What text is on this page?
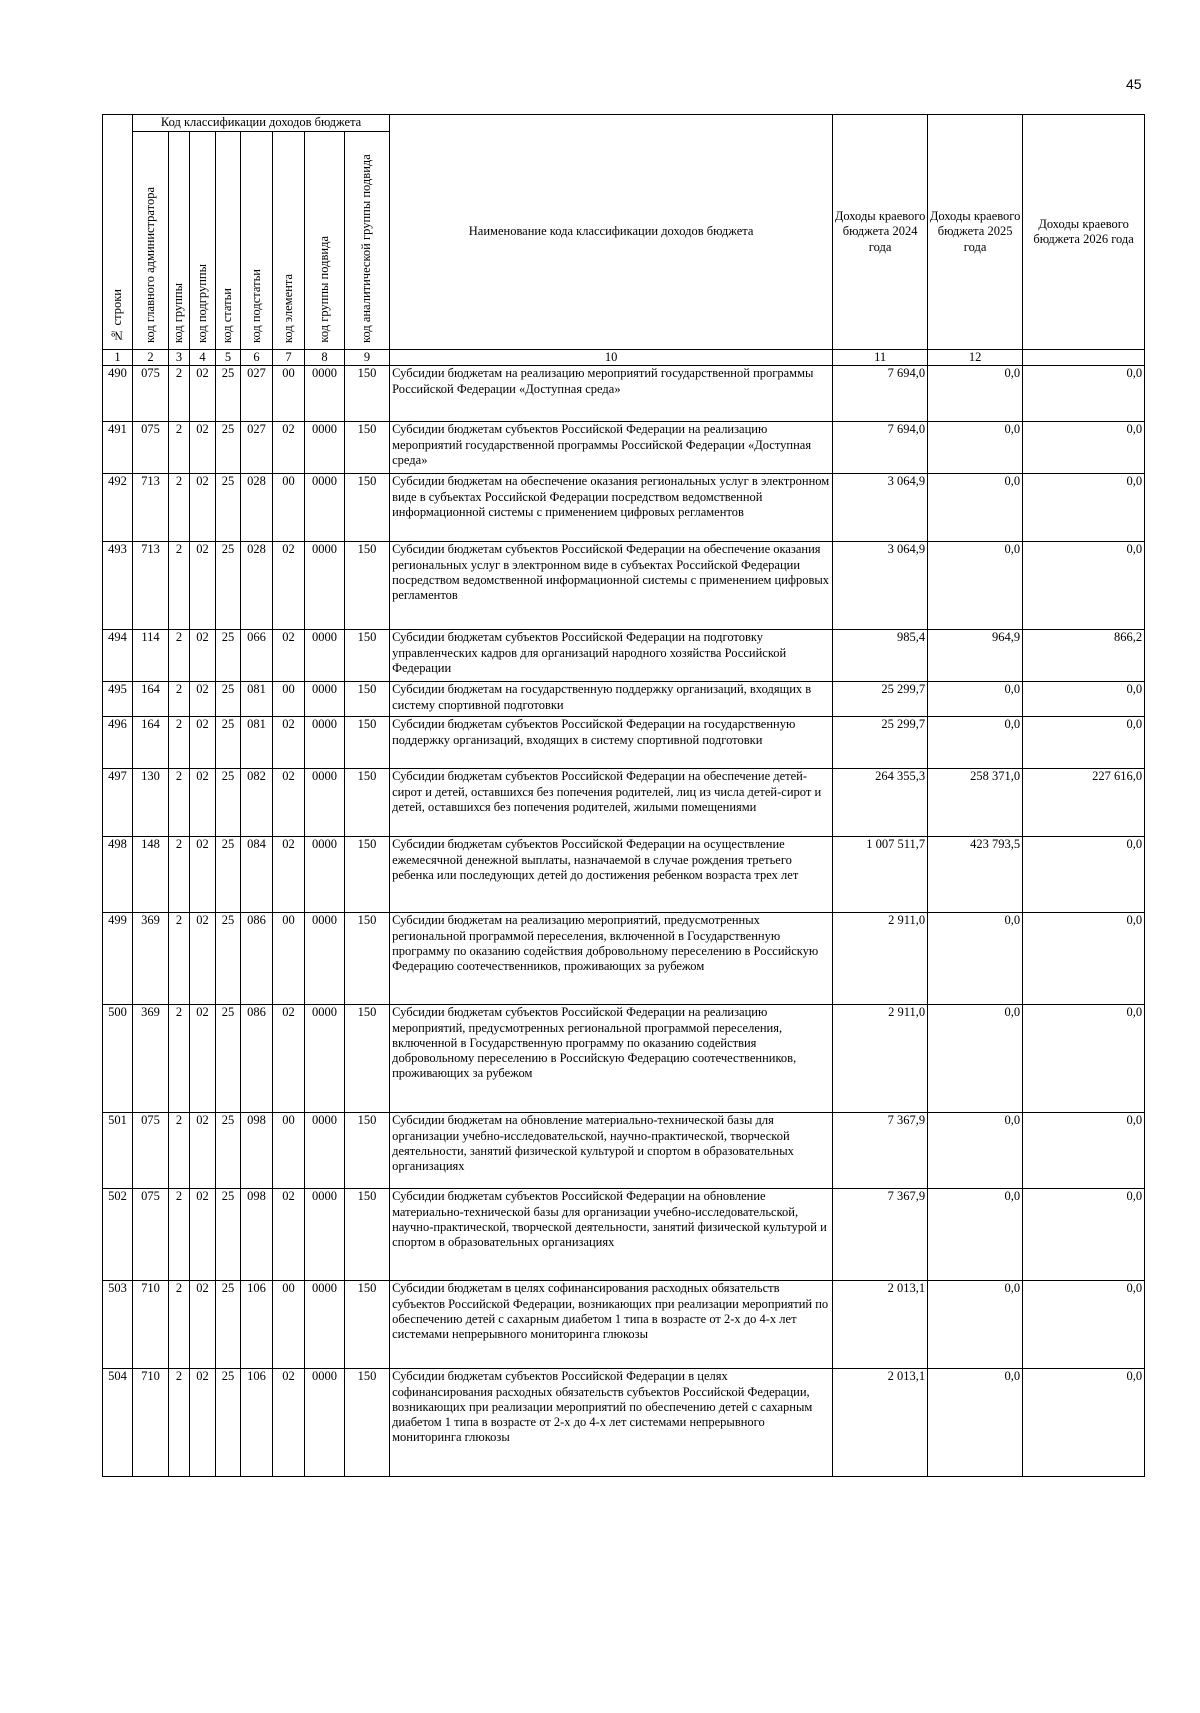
45
№ строки	Код классификации доходов бюджета								Наименование кода классификации доходов бюджета	Доходы краевого бюджета 2024 года	Доходы краевого бюджета 2025 года	Доходы краевого бюджета 2026 года

	код главного администратора	код группы	код подгруппы	код статьи	код подстатьи	код элемента	код группы подвида	код аналитической группы подвида				

1	2	3	4	5	6	7	8	9	10	11	12	
490	075	2	02	25	027	00	0000	150	Субсидии бюджетам на реализацию мероприятий государственной программы Российской Федерации «Доступная среда»	7 694,0	0,0	0,0
491	075	2	02	25	027	02	0000	150	Субсидии бюджетам субъектов Российской Федерации на реализацию мероприятий государственной программы Российской Федерации «Доступная среда»	7 694,0	0,0	0,0
492	713	2	02	25	028	00	0000	150	Субсидии бюджетам на обеспечение оказания региональных услуг в электронном виде в субъектах Российской Федерации посредством ведомственной информационной системы с применением цифровых регламентов	3 064,9	0,0	0,0
493	713	2	02	25	028	02	0000	150	Субсидии бюджетам субъектов Российской Федерации на обеспечение оказания региональных услуг в электронном виде в субъектах Российской Федерации посредством ведомственной информационной системы с применением цифровых регламентов	3 064,9	0,0	0,0
494	114	2	02	25	066	02	0000	150	Субсидии бюджетам субъектов Российской Федерации на подготовку управленческих кадров для организаций народного хозяйства Российской Федерации	985,4	964,9	866,2
495	164	2	02	25	081	00	0000	150	Субсидии бюджетам на государственную поддержку организаций, входящих в систему спортивной подготовки	25 299,7	0,0	0,0
496	164	2	02	25	081	02	0000	150	Субсидии бюджетам субъектов Российской Федерации на государственную поддержку организаций, входящих в систему спортивной подготовки	25 299,7	0,0	0,0
497	130	2	02	25	082	02	0000	150	Субсидии бюджетам субъектов Российской Федерации на обеспечение детей-сирот и детей, оставшихся без попечения родителей, лиц из числа детей-сирот и детей, оставшихся без попечения родителей, жилыми помещениями	264 355,3	258 371,0	227 616,0
498	148	2	02	25	084	02	0000	150	Субсидии бюджетам субъектов Российской Федерации на осуществление ежемесячной денежной выплаты, назначаемой в случае рождения третьего ребенка или последующих детей до достижения ребенком возраста трех лет	1 007 511,7	423 793,5	0,0
499	369	2	02	25	086	00	0000	150	Субсидии бюджетам на реализацию мероприятий, предусмотренных региональной программой переселения, включенной в Государственную программу по оказанию содействия добровольному переселению в Российскую Федерацию соотечественников, проживающих за рубежом	2 911,0	0,0	0,0
500	369	2	02	25	086	02	0000	150	Субсидии бюджетам субъектов Российской Федерации на реализацию мероприятий, предусмотренных региональной программой переселения, включенной в Государственную программу по оказанию содействия добровольному переселению в Российскую Федерацию соотечественников, проживающих за рубежом	2 911,0	0,0	0,0
501	075	2	02	25	098	00	0000	150	Субсидии бюджетам на обновление материально-технической базы для организации учебно-исследовательской, научно-практической, творческой деятельности, занятий физической культурой и спортом в образовательных организациях	7 367,9	0,0	0,0
502	075	2	02	25	098	02	0000	150	Субсидии бюджетам субъектов Российской Федерации на обновление материально-технической базы для организации учебно-исследовательской, научно-практической, творческой деятельности, занятий физической культурой и спортом в образовательных организациях	7 367,9	0,0	0,0
503	710	2	02	25	106	00	0000	150	Субсидии бюджетам в целях софинансирования расходных обязательств субъектов Российской Федерации, возникающих при реализации мероприятий по обеспечению детей с сахарным диабетом 1 типа в возрасте от 2-х до 4-х лет системами непрерывного мониторинга глюкозы	2 013,1	0,0	0,0
504	710	2	02	25	106	02	0000	150	Субсидии бюджетам субъектов Российской Федерации в целях софинансирования расходных обязательств субъектов Российской Федерации, возникающих при реализации мероприятий по обеспечению детей с сахарным диабетом 1 типа в возрасте от 2-х до 4-х лет системами непрерывного мониторинга глюкозы	2 013,1	0,0	0,0
